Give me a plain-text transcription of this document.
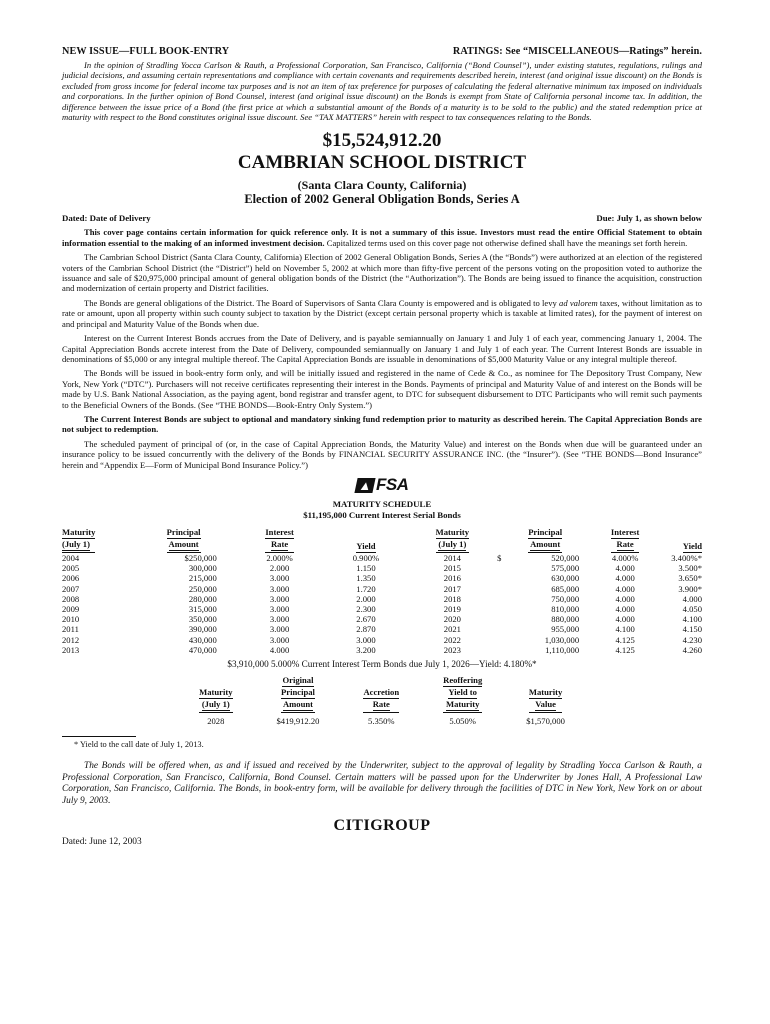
NEW ISSUE—FULL BOOK-ENTRY	RATINGS: See “MISCELLANEOUS—Ratings” herein.

In the opinion of Stradling Yocca Carlson & Rauth, a Professional Corporation, San Francisco, California (“Bond Counsel”), under existing statutes, regulations, rulings and judicial decisions, and assuming certain representations and compliance with certain covenants and requirements described herein, interest (and original issue discount) on the Bonds is excluded from gross income for federal income tax purposes and is not an item of tax preference for purposes of calculating the federal alternative minimum tax imposed on individuals and corporations. In the further opinion of Bond Counsel, interest (and original issue discount) on the Bonds is exempt from State of California personal income tax. In addition, the difference between the issue price of a Bond (the first price at which a substantial amount of the Bonds of a maturity is to be sold to the public) and the stated redemption price at maturity with respect to the Bond constitutes original issue discount. See “TAX MATTERS” herein with respect to tax consequences relating to the Bonds.

$15,524,912.20
CAMBRIAN SCHOOL DISTRICT
(Santa Clara County, California)
Election of 2002 General Obligation Bonds, Series A
Dated: Date of Delivery	Due: July 1, as shown below

This cover page contains certain information for quick reference only. It is not a summary of this issue. Investors must read the entire Official Statement to obtain information essential to the making of an informed investment decision. Capitalized terms used on this cover page not otherwise defined shall have the meanings set forth herein.

The Cambrian School District (Santa Clara County, California) Election of 2002 General Obligation Bonds, Series A (the “Bonds”) were authorized at an election of the registered voters of the Cambrian School District (the “District”) held on November 5, 2002 at which more than fifty-five percent of the persons voting on the proposition voted to authorize the issuance and sale of $20,975,000 principal amount of general obligation bonds of the District (the “Authorization”). The Bonds are being issued to finance the acquisition, construction and modernization of certain property and District facilities.

The Bonds are general obligations of the District. The Board of Supervisors of Santa Clara County is empowered and is obligated to levy ad valorem taxes, without limitation as to rate or amount, upon all property within such county subject to taxation by the District (except certain personal property which is taxable at limited rates), for the payment of interest on and principal and Maturity Value of the Bonds when due.

Interest on the Current Interest Bonds accrues from the Date of Delivery, and is payable semiannually on January 1 and July 1 of each year, commencing January 1, 2004. The Capital Appreciation Bonds accrete interest from the Date of Delivery, compounded semiannually on January 1 and July 1 of each year. The Current Interest Bonds are issuable in denominations of $5,000 or any integral multiple thereof. The Capital Appreciation Bonds are issuable in denominations of $5,000 Maturity Value or any integral multiple thereof.

The Bonds will be issued in book-entry form only, and will be initially issued and registered in the name of Cede & Co., as nominee for The Depository Trust Company, New York, New York (“DTC”). Purchasers will not receive certificates representing their interest in the Bonds. Payments of principal and Maturity Value of and interest on the Bonds will be made by U.S. Bank National Association, as the paying agent, bond registrar and transfer agent, to DTC for subsequent disbursement to DTC Participants who will remit such payments to the Beneficial Owners of the Bonds. (See “THE BONDS—Book-Entry Only System.”)

The Current Interest Bonds are subject to optional and mandatory sinking fund redemption prior to maturity as described herein. The Capital Appreciation Bonds are not subject to redemption.

The scheduled payment of principal of (or, in the case of Capital Appreciation Bonds, the Maturity Value) and interest on the Bonds when due will be guaranteed under an insurance policy to be issued concurrently with the delivery of the Bonds by FINANCIAL SECURITY ASSURANCE INC. (the “Insurer”). (See “THE BONDS—Bond Insurance” herein and “Appendix E—Form of Municipal Bond Insurance Policy.”)

▲ FSA
MATURITY SCHEDULE
$11,195,000 Current Interest Serial Bonds
Maturity
(July 1)	Principal
Amount		Interest
Rate	Yield	Maturity
(July 1)	Principal
Amount		Interest
Rate	Yield
2004		$250,000	2.000%	0.900%	2014	$	520,000	4.000%	3.400%*
2005		300,000	2.000	1.150	2015		575,000	4.000	3.500*
2006		215,000	3.000	1.350	2016		630,000	4.000	3.650*
2007		250,000	3.000	1.720	2017		685,000	4.000	3.900*
2008		280,000	3.000	2.000	2018		750,000	4.000	4.000
2009		315,000	3.000	2.300	2019		810,000	4.000	4.050
2010		350,000	3.000	2.670	2020		880,000	4.000	4.100
2011		390,000	3.000	2.870	2021		955,000	4.100	4.150
2012		430,000	3.000	3.000	2022		1,030,000	4.125	4.230
2013		470,000	4.000	3.200	2023		1,110,000	4.125	4.260
$3,910,000 5.000% Current Interest Term Bonds due July 1, 2026—Yield: 4.180%*
Maturity
(July 1)	Original
Principal
Amount	Accretion
Rate	Reoffering
Yield to
Maturity	Maturity
Value
2028	$419,912.20	5.350%	5.050%	$1,570,000
* Yield to the call date of July 1, 2013.

The Bonds will be offered when, as and if issued and received by the Underwriter, subject to the approval of legality by Stradling Yocca Carlson & Rauth, a Professional Corporation, San Francisco, California, Bond Counsel. Certain matters will be passed upon for the Underwriter by Jones Hall, A Professional Law Corporation, San Francisco, California. The Bonds, in book-entry form, will be available for delivery through the facilities of DTC in New York, New York on or about July 9, 2003.

CITIGROUP
Dated: June 12, 2003
